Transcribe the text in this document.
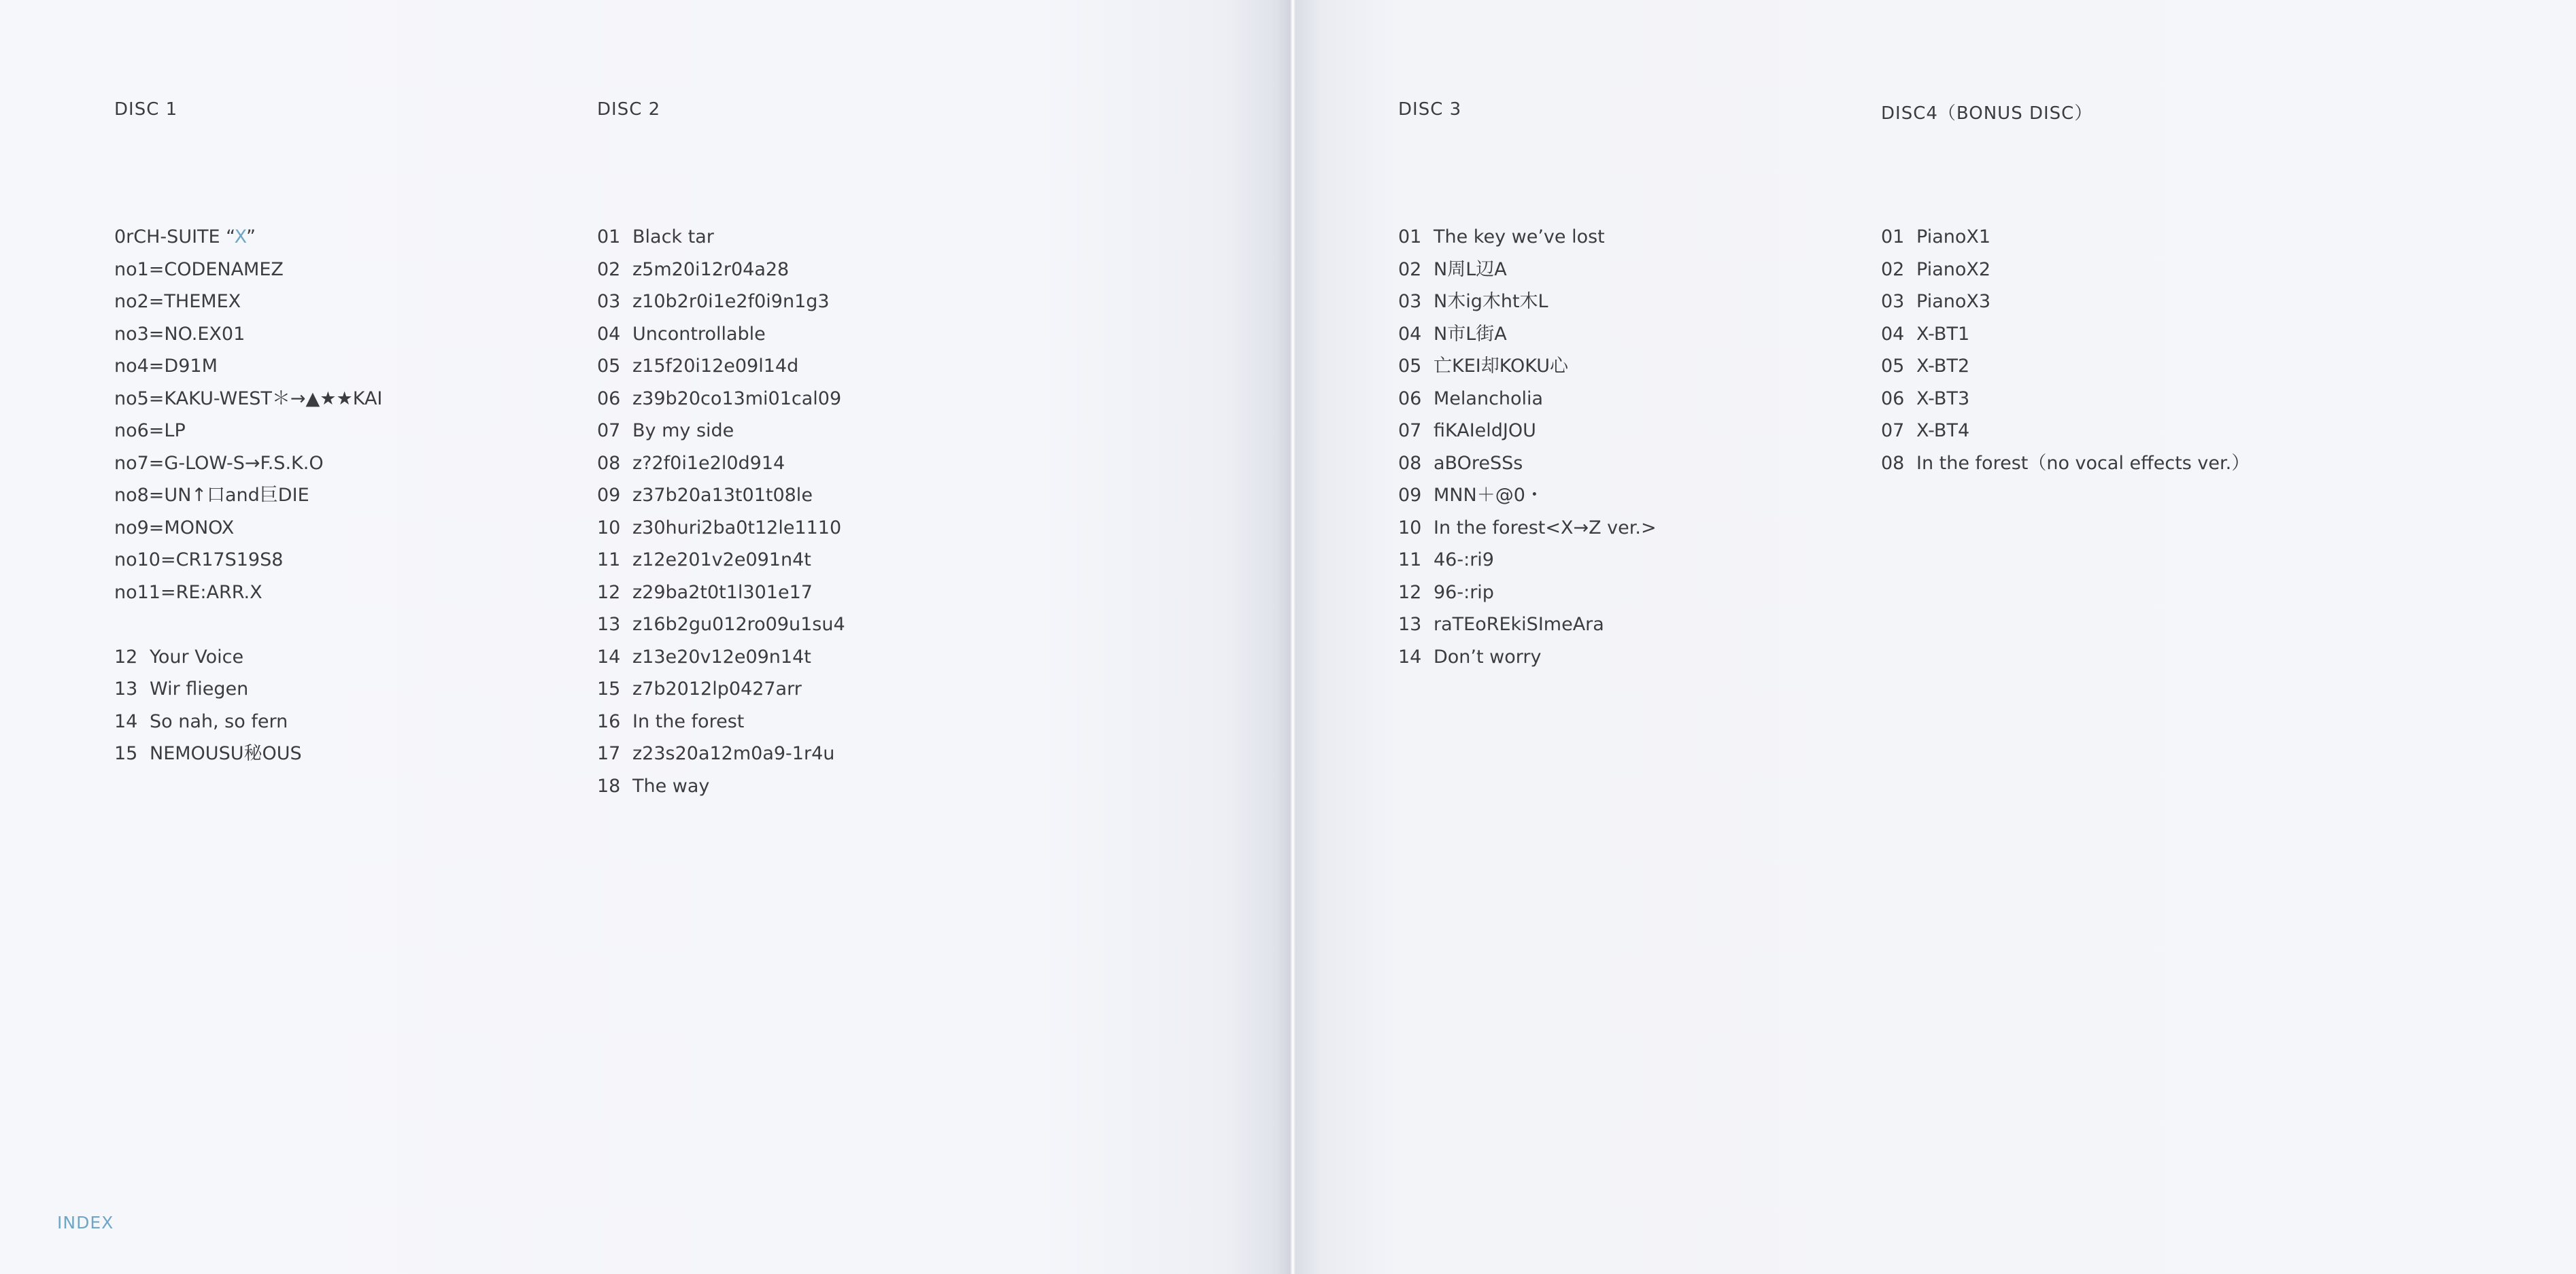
DISC 1
0rCH-SUITE “X”
no1=CODENAMEZ
no2=THEMEX
no3=NO.EX01
no4=D91M
no5=KAKU-WEST＊→▲★★KAI
no6=LP
no7=G-LOW-S→F.S.K.O
no8=UN↑口and巨DIE
no9=MONOX
no10=CR17S19S8
no11=RE:ARR.X
12 Your Voice
13 Wir fliegen
14 So nah, so fern
15 NEMOUSU秘OUS
DISC 2
01 Black tar
02 z5m20i12r04a28
03 z10b2r0i1e2f0i9n1g3
04 Uncontrollable
05 z15f20i12e09l14d
06 z39b20co13mi01cal09
07 By my side
08 z?2f0i1e2l0d914
09 z37b20a13t01t08le
10 z30huri2ba0t12le1110
11 z12e201v2e091n4t
12 z29ba2t0t1l301e17
13 z16b2gu012ro09u1su4
14 z13e20v12e09n14t
15 z7b2012lp0427arr
16 In the forest
17 z23s20a12m0a9-1r4u
18 The way
INDEX
DISC 3
01 The key we’ve lost
02 N周L辺A
03 N木ig木ht木L
04 N市L街A
05 亡KEI却KOKU心
06 Melancholia
07 fiKAIeldJOU
08 aBOreSSs
09 MNN＋@0・
10 In the forest<X→Z ver.>
11 46-:ri9
12 96-:rip
13 raTEoREkiSImeAra
14 Don’t worry
DISC4（BONUS DISC）
01 PianoX1
02 PianoX2
03 PianoX3
04 X-BT1
05 X-BT2
06 X-BT3
07 X-BT4
08 In the forest（no vocal effects ver.）
